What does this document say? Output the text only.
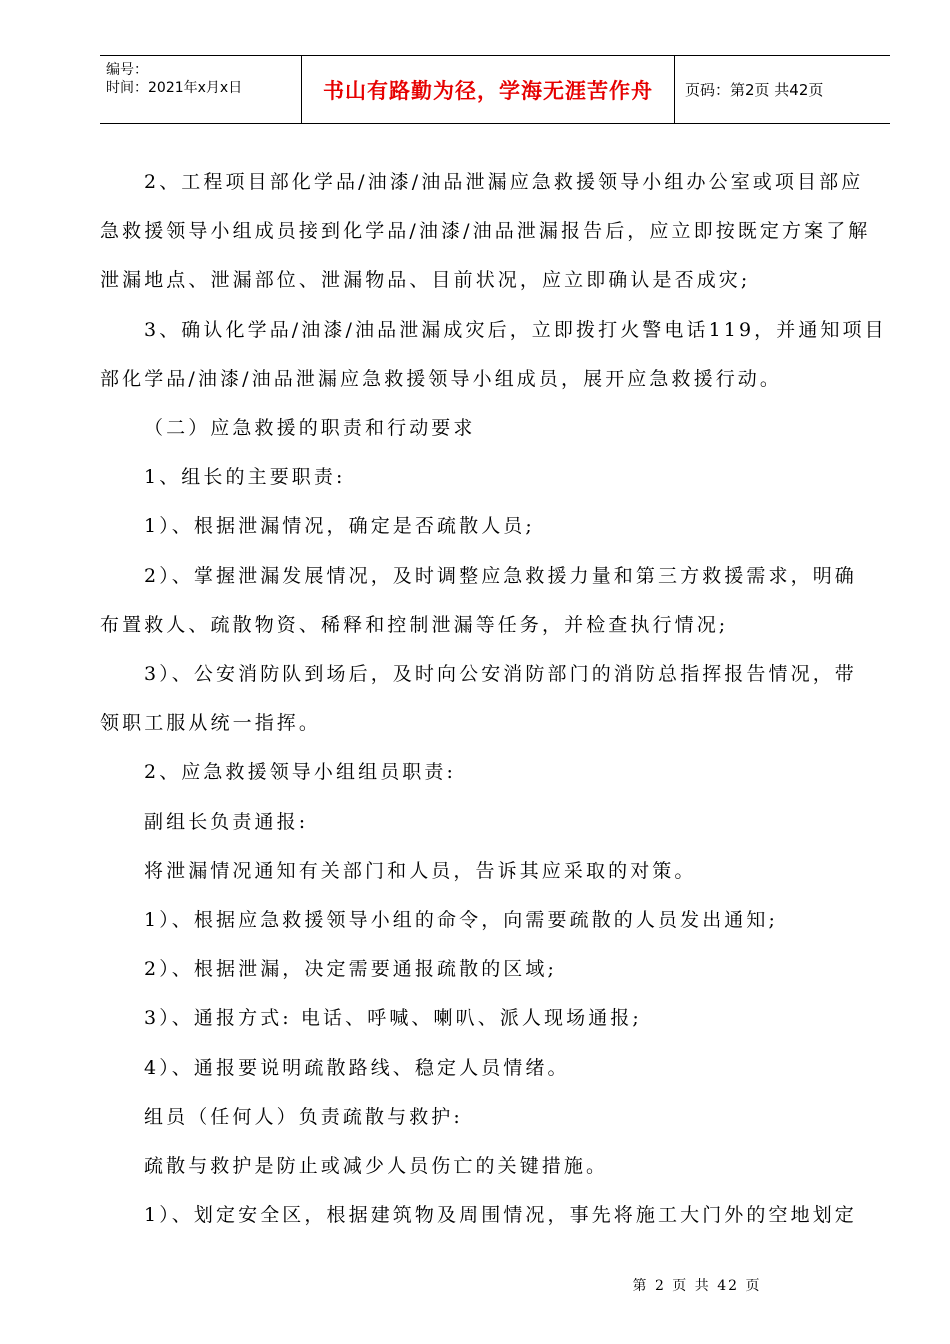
编号：
时间：2021年x月x日	书山有路勤为径，学海无涯苦作舟 页码：第2页 共42页

2、工程项目部化学品/油漆/油品泄漏应急救援领导小组办公室或项目部应

急救援领导小组成员接到化学品/油漆/油品泄漏报告后，应立即按既定方案了解

泄漏地点、泄漏部位、泄漏物品、目前状况，应立即确认是否成灾;

3、确认化学品/油漆/油品泄漏成灾后，立即拨打火警电话119，并通知项目

部化学品/油漆/油品泄漏应急救援领导小组成员，展开应急救援行动。

（二）应急救援的职责和行动要求

1、组长的主要职责:

1）、根据泄漏情况，确定是否疏散人员;

2）、掌握泄漏发展情况，及时调整应急救援力量和第三方救援需求，明确

布置救人、疏散物资、稀释和控制泄漏等任务，并检查执行情况;

3）、公安消防队到场后，及时向公安消防部门的消防总指挥报告情况，带

领职工服从统一指挥。

2、应急救援领导小组组员职责:

副组长负责通报:

将泄漏情况通知有关部门和人员，告诉其应采取的对策。

1）、根据应急救援领导小组的命令，向需要疏散的人员发出通知;

2）、根据泄漏，决定需要通报疏散的区域;

3）、通报方式: 电话、呼喊、喇叭、派人现场通报;

4）、通报要说明疏散路线、稳定人员情绪。

组员（任何人）负责疏散与救护:

疏散与救护是防止或减少人员伤亡的关键措施。

1）、划定安全区，根据建筑物及周围情况，事先将施工大门外的空地划定

第 2 页 共 42 页
